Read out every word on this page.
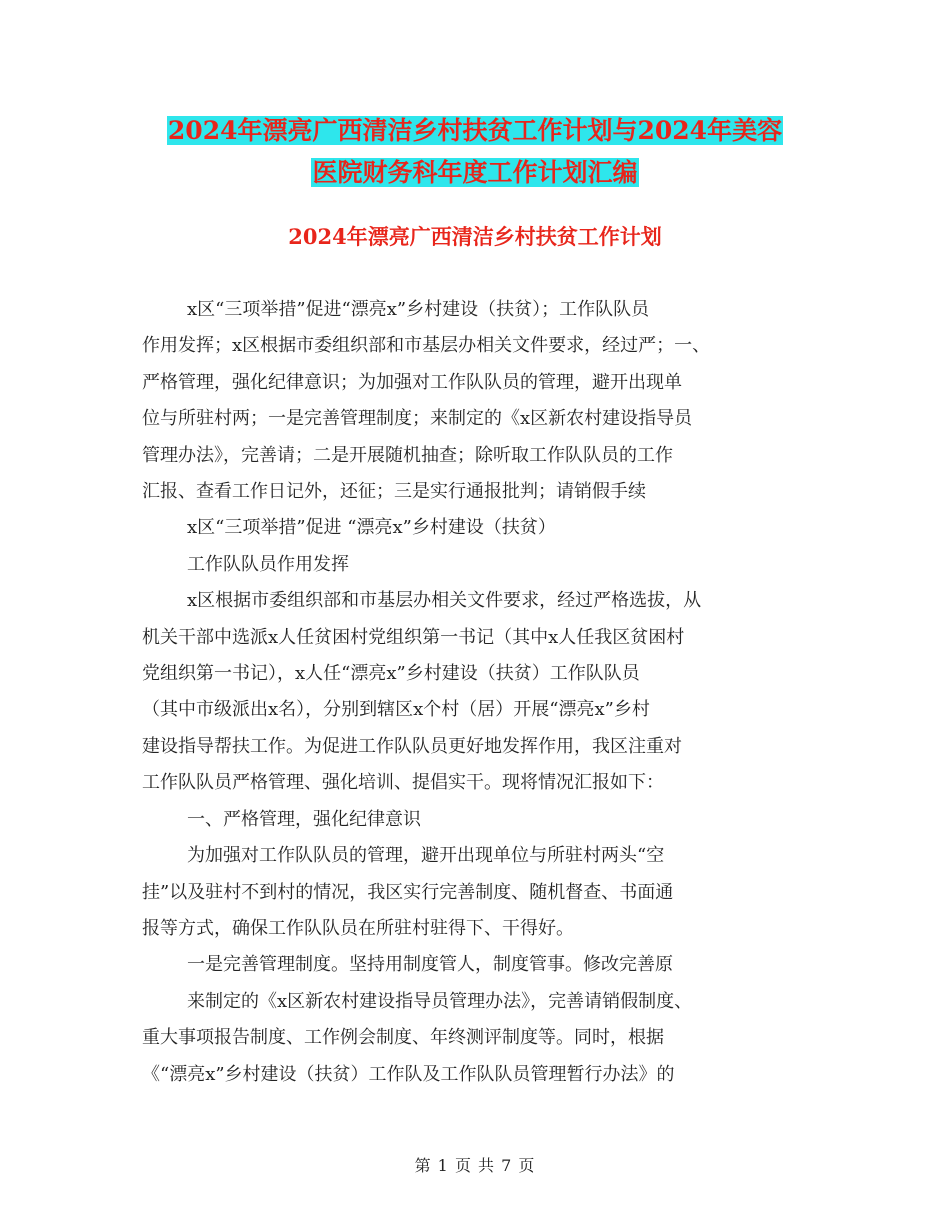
2024年漂亮广西清洁乡村扶贫工作计划与2024年美容
医院财务科年度工作计划汇编
2024年漂亮广西清洁乡村扶贫工作计划
x区“三项举措”促进“漂亮x”乡村建设（扶贫）；工作队队员
作用发挥；x区根据市委组织部和市基层办相关文件要求，经过严；一、
严格管理，强化纪律意识；为加强对工作队队员的管理，避开出现单
位与所驻村两；一是完善管理制度；来制定的《x区新农村建设指导员
管理办法》，完善请；二是开展随机抽查；除听取工作队队员的工作
汇报、查看工作日记外，还征；三是实行通报批判；请销假手续
x区“三项举措”促进 “漂亮x”乡村建设（扶贫）
工作队队员作用发挥
x区根据市委组织部和市基层办相关文件要求，经过严格选拔，从
机关干部中选派x人任贫困村党组织第一书记（其中x人任我区贫困村
党组织第一书记），x人任“漂亮x”乡村建设（扶贫）工作队队员
（其中市级派出x名），分别到辖区x个村（居）开展“漂亮x”乡村
建设指导帮扶工作。为促进工作队队员更好地发挥作用，我区注重对
工作队队员严格管理、强化培训、提倡实干。现将情况汇报如下：
一、严格管理，强化纪律意识
为加强对工作队队员的管理，避开出现单位与所驻村两头“空
挂”以及驻村不到村的情况，我区实行完善制度、随机督查、书面通
报等方式，确保工作队队员在所驻村驻得下、干得好。
一是完善管理制度。坚持用制度管人，制度管事。修改完善原
来制定的《x区新农村建设指导员管理办法》，完善请销假制度、
重大事项报告制度、工作例会制度、年终测评制度等。同时，根据
《“漂亮x”乡村建设（扶贫）工作队及工作队队员管理暂行办法》的
第 1 页 共 7 页
